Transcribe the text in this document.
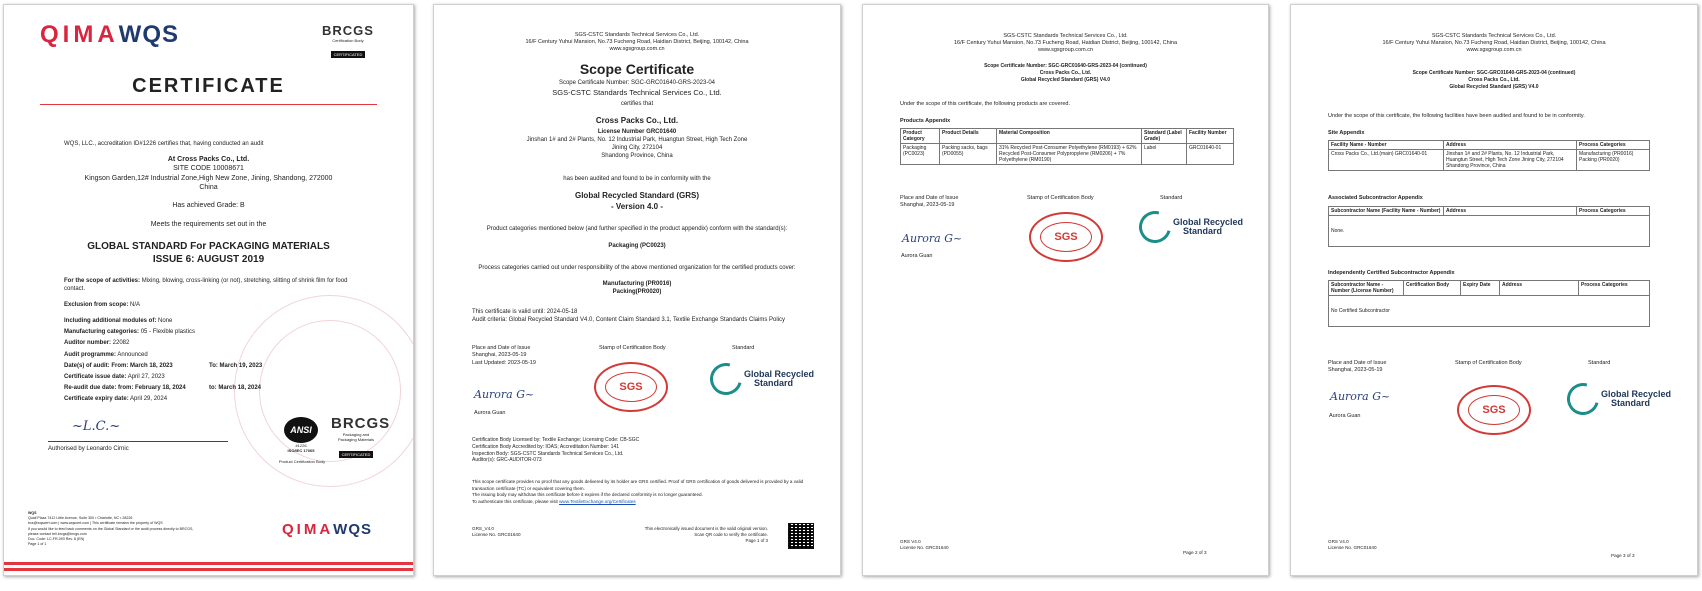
QIMAWQS	BRCGS
Certification Body
CERTIFICATED
CERTIFICATE
WQS, LLC., accreditation ID#1226 certifies that, having conducted an audit
At Cross Packs Co., Ltd.
SITE CODE 10008671
Kingson Garden,12# Industrial Zone,High New Zone, Jining, Shandong, 272000
China
Has achieved Grade: B
Meets the requirements set out in the
GLOBAL STANDARD For PACKAGING MATERIALS
ISSUE 6: AUGUST 2019
For the scope of activities: Mixing, blowing, cross-linking (or not), stretching, slitting of shrink film for food contact.
Exclusion from scope: N/A
Including additional modules of: None
Manufacturing categories: 05 - Flexible plastics
Auditor number: 22082
Audit programme: Announced
Date(s) of audit: From: March 18, 2023	To: March 19, 2023
Certificate issue date: April 27, 2023
Re-audit due date: from: February 18, 2024	to: March 18, 2024
Certificate expiry date: April 29, 2024
~L.C.~
Authorised by Leonardo Cirnic
ANSI
#1226
ISO/IEC 17065
Product Certification Body
BRCGS
Packaging and
Packaging Materials
CERTIFICATED
WQS
Quail Plaza 7412 Little Avenue, Suite 300 • Charlotte, NC • 28226
bcs@wqscert.com | www.wqscert.com | This certificate remains the property of WQS
If you would like to feed back comments on the Global Standard or the audit process directly to BRCGS,
please contact tell.brcgs@brcgs.com
Doc. Code: LC-FR-093 Rev. 8 (EN)
Page 1 of 1
QIMAWQS
SGS-CSTC Standards Technical Services Co., Ltd.
16/F Century Yuhui Mansion, No.73 Fucheng Road, Haidian District, Beijing, 100142, China
www.sgsgroup.com.cn
Scope Certificate
Scope Certificate Number: SGC-GRC01640-GRS-2023-04
SGS-CSTC Standards Technical Services Co., Ltd.
certifies that
Cross Packs Co., Ltd.
License Number GRC01640
Jinshan 1# and 2# Plants, No. 12 Industrial Park, Huangtun Street, High Tech Zone
Jining City, 272104
Shandong Province, China
has been audited and found to be in conformity with the
Global Recycled Standard (GRS)
- Version 4.0 -
Product categories mentioned below (and further specified in the product appendix) conform with the standard(s):
Packaging (PC0023)
Process categories carried out under responsibility of the above mentioned organization for the certified products cover:
Manufacturing (PR0016)
Packing(PR0020)
This certificate is valid until: 2024-05-18
Audit criteria: Global Recycled Standard V4.0, Content Claim Standard 3.1, Textile Exchange Standards Claims Policy
Place and Date of Issue
Shanghai, 2023-05-19
Last Updated: 2023-05-19
Stamp of Certification Body	Standard
Aurora G~
Aurora Guan
SGS
Global Recycled
Standard
Certification Body Licensed by: Textile Exchange; Licensing Code: CB-SGC
Certification Body Accredited by: IOAS; Accreditation Number: 141
Inspection Body: SGS-CSTC Standards Technical Services Co., Ltd.
Auditor(s): GRC-AUDITOR-073
This scope certificate provides no proof that any goods delivered by its holder are GRS certified. Proof of GRS certification of goods delivered is provided by a valid transaction certificate (TC) or equivalent covering them.
The issuing body may withdraw this certificate before it expires if the declared conformity is no longer guaranteed.
To authenticate this certificate, please visit www.TextileExchange.org/Certificates
GRS_V4.0
License No. GRC01640
This electronically issued document is the valid original version.
Scan QR code to verify the certificate.
Page 1 of 3
SGS-CSTC Standards Technical Services Co., Ltd.
16/F Century Yuhui Mansion, No.73 Fucheng Road, Haidian District, Beijing, 100142, China
www.sgsgroup.com.cn
Scope Certificate Number: SGC-GRC01640-GRS-2023-04 (continued)
Cross Packs Co., Ltd.
Global Recycled Standard (GRS) V4.0
Under the scope of this certificate, the following products are covered.
Products Appendix
Product Category	Product Details	Material Composition	Standard (Label Grade)	Facility Number
Packaging (PC0023)	Packing sacks, bags (PD0055)	31% Recycled Post-Consumer Polyethylene (RM0193) + 62% Recycled Post-Consumer Polypropylene (RM0206) + 7% Polyethylene (RM0190)	Label	GRC01640-01
Place and Date of Issue
Shanghai, 2023-05-19
Stamp of Certification Body	Standard
Aurora G~
Aurora Guan
SGS
Global Recycled
Standard
GRS V4.0
License No. GRC01640
Page 2 of 3
SGS-CSTC Standards Technical Services Co., Ltd.
16/F Century Yuhui Mansion, No.73 Fucheng Road, Haidian District, Beijing, 100142, China
www.sgsgroup.com.cn
Scope Certificate Number: SGC-GRC01640-GRS-2023-04 (continued)
Cross Packs Co., Ltd.
Global Recycled Standard (GRS) V4.0
Under the scope of this certificate, the following facilities have been audited and found to be in conformity.
Site Appendix
Facility Name - Number	Address	Process Categories
Cross Packs Co., Ltd.(main) GRC01640-01	Jinshan 1# and 2# Plants, No. 12 Industrial Park, Huangtun Street, High Tech Zone Jining City, 272104 Shandong Province, China	Manufacturing (PR0016) Packing (PR0020)
Associated Subcontractor Appendix
Subcontractor Name (Facility Name - Number)	Address	Process Categories
None.
Independently Certified Subcontractor Appendix
Subcontractor Name - Number (License Number)	Certification Body	Expiry Date	Address	Process Categories
No Certified Subcontractor
Place and Date of Issue
Shanghai, 2023-05-19
Stamp of Certification Body	Standard
Aurora G~
Aurora Guan	SGS
Global Recycled
Standard
GRS V4.0
License No. GRC01640
Page 3 of 3
